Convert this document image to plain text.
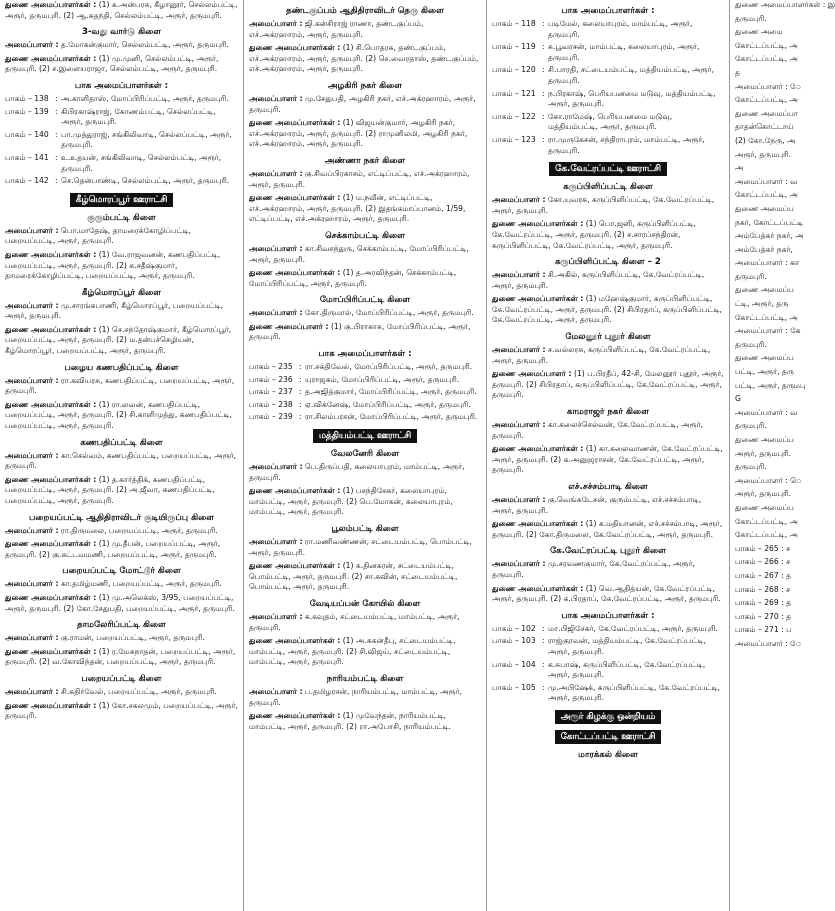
துணை அமைப்பாளர்கள் : (1) க.அன்பரசு, கீழானூர், செல்லம்பட்டி, அரூர், தருமபுரி. (2) ஆ.சுதந்தி, செல்லம்பட்டி, அரூர், தருமபுரி.
3-வது வார்டு கிளை
அமைப்பாளர் : த.மோகன்குமார், செல்லம்பட்டி, அரூர், தருமபுரி.
துணை அமைப்பாளர்கள் : (1) மு.முனி, செல்லம்பட்டி, அரூர், தருமபுரி. (2) ச.இளையராஜா, செல்லம்பட்டி, அரூர், தருமபுரி.
பாக அமைப்பாளர்கள் :
பாகம் – 138 : அ.காளிதாஸ், மோப்பிரிப்பட்டி, அரூர், தருமபுரி.
பாகம் – 139 : கிபிரகாஷ்ராஜ், கோணம்பட்டி, செல்லப்பட்டி, அரூர், தருமபுரி.
பாகம் – 140 : பா.முத்துராஜ், சங்கிலிவாடி, செல்லப்பட்டி, அரூர், தருமபுரி.
பாகம் – 141 : உ.உதயன், சங்கிலிவாடி, செல்லம்பட்டி, அரூர், தருமபுரி.
பாகம் – 142 : செ.தென்பாண்டி, செல்லம்பட்டி, அரூர், தருமபுரி.
கீழ்மொரப்பூர் ஊராட்சி
குரும்பட்டி கிளை
அமைப்பாளர் : பொ.மாதேஷ், தாமரைக்கோழிப்பட்டி, பறையப்பட்டி, அரூர், தருமபுரி.
துணை அமைப்பாளர்கள் : (1) வே.ராஜவனன், கணபதிப்பட்டி, பறையப்பட்டி, அரூர், தருமபுரி. (2) க.சதீஷ்குமார், தாமரைக்கோழிப்பட்டி, பறையப்பட்டி, அரூர், தருமபுரி.
கீழ்மொரப்பூர் கிளை
அமைப்பாளர் : மு.சாரங்கபாணி, கீழ்மொரப்பூர், பறையப்பட்டி, அரூர், தருமபுரி.
துணை அமைப்பாளர்கள் : (1) செ.சந்தோஷ்குமார், கீழ்மொரப்பூர், பறையப்பட்டி, அரூர், தருமபுரி. (2) ம.தன்பச்செழியன், கீழ்மொரப்பூர், பறையப்பட்டி, அரூர், தருமபுரி.
பழைய கணபதிப்பட்டி கிளை
அமைப்பாளர் : ரா.கவியரசு, கணபதிப்பட்டி, பறையப்பட்டி, அரூர், தருமபுரி.
துணை அமைப்பாளர்கள் : (1) ரா.லவன், கணபதிப்பட்டி, பறையப்பட்டி, அரூர், தருமபுரி. (2) சி.காளிமுத்து, கணபதிப்பட்டி, பறையப்பட்டி, அரூர், தருமபுரி.
கணபதிப்பட்டி கிளை
அமைப்பாளர் : கா.செல்வம், கணபதிப்பட்டி, பறையப்பட்டி, அரூர், தருமபுரி.
துணை அமைப்பாளர்கள் : (1) த.கார்த்திக், கணபதிப்பட்டி, பறையப்பட்டி, அரூர், தருமபுரி. (2) அ.ஜீவா, கணபதிப்பட்டி, பறையப்பட்டி, அரூர், தருமபுரி.
பறையப்பட்டி ஆதிதிராவிடர் குடியிருப்பு கிளை
அமைப்பாளர் : ரா.திருமலை, பறையப்பட்டி, அரூர், தருமபுரி.
துணை அமைப்பாளர்கள் : (1) மு.தீபன், பறையப்பட்டி, அரூர், தருமபுரி. (2) கு.கட்டவமணி, பறையப்பட்டி, அரூர், தருமபுரி.
பறையப்பட்டி மோட்டூர் கிளை
அமைப்பாளர் : கா.தமிழ்மணி, பறையப்பட்டி, அரூர், தருமபுரி.
துணை அமைப்பாளர்கள் : (1) மு.அலெக்ஸ், 3/95, பறையப்பட்டி, அரூர், தருமபுரி. (2) கோ.சேதுபதி, பறையப்பட்டி, அரூர், தருமபுரி.
தாமலேரிப்பட்டி கிளை
அமைப்பாளர் : கு.ராமன், பறையப்பட்டி, அரூர், தருமபுரி.
துணை அமைப்பாளர்கள் : (1) ர.மேகநாதன், பறையப்பட்டி, அரூர், தருமபுரி. (2) வ.கோவிந்தன், பறையப்பட்டி, அரூர், தருமபுரி.
பறையப்பட்டி கிளை
அமைப்பாளர் : சி.கதிர்வேல், பறையப்பட்டி, அரூர், தருமபுரி.
துணை அமைப்பாளர்கள் : (1) கோ.சகலமும், பறையப்பட்டி, அரூர், தருமபுரி.
தண்டகுப்பம் ஆதிதிராவிடர் தெரு கிளை
அமைப்பாளர் : ஜி.கன்சிராஜ் ராணா, தண்டகுப்பம், எச்.அக்ரஹாரம், அரூர், தருமபுரி.
துணை அமைப்பாளர்கள் : (1) சி.பொதரசு, தண்டகுப்பம், எச்.அக்ரஹாரம், அரூர், தருமபுரி. (2) செ.வைரதாஸ், தண்டகுப்பம், எச்.அக்ரஹாரம், அரூர், தருமபுரி.
அழகிரி நகர் கிளை
அமைப்பாளர் : மு.சேதுபதி, அழகிரி நகர், எச்.அக்ரஹாரம், அரூர், தருமபுரி.
துணை அமைப்பாளர்கள் : (1) விஜயன்குமார், அழகிரி நகர், எச்.அக்ரஹாரம், அரூர், தருமபுரி. (2) ராமுனிலமி, அழகிரி நகர், எச்.அக்ரஹாரம், அரூர், தருமபுரி.
அண்ணா நகர் கிளை
அமைப்பாளர் : கு.சிவப்பிரகாசம், எட்டிப்பட்டி, எச்.அக்ரஹாரம், அரூர், தருமபுரி.
துணை அமைப்பாளர்கள் : (1) ம.நவீன், எட்டிப்பட்டி, எச்.அக்ரஹாரம், அரூர், தருமபுரி. (2) இதங்கமாப்பானம், 1/59, எட்டிப்பட்டி, எச்.அக்ரஹாரம், அரூர், தருமபுரி.
செக்காம்பட்டி கிளை
அமைப்பாளர் : கா.சிவசந்துரு, செக்காம்பட்டி, மோப்பிரிப்பட்டி, அரூர், தருமபுரி.
துணை அமைப்பாளர்கள் : (1) த.அரவிந்தன், செக்காம்பட்டி, மோப்பிரிப்பட்டி, அரூர், தருமபுரி.
மோப்பிரிப்பட்டி கிளை
அமைப்பாளர் : கோ.திருமால், மோப்பிரிப்பட்டி, அரூர், தருமபுரி.
துணை அமைப்பாளர் : (1) கு.பிராகாசு, மோப்பிரிப்பட்டி, அரூர், தருமபுரி.
பாக அமைப்பாளர்கள் :
பாகம் – 235 : ரா.சக்திவேல், மோப்பிரிப்பட்டி, அரூர், தருமபுரி.
பாகம் – 236 : யுராஜகம், மோப்பிரிப்பட்டி, அரூர், தருமபுரி.
பாகம் – 237 : த.அஜித்குமார், மோப்பிரிப்பட்டி, அரூர், தருமபுரி.
பாகம் – 238 : ஏ.விக்னேஷ், மோப்பிரிப்பட்டி, அரூர், தருமபுரி.
பாகம் – 239 : ரா.சிலம்பரசன், மோப்பிரிப்பட்டி, அரூர், தருமபுரி.
மத்தியம்பட்டி ஊராட்சி
வேலனேரி கிளை
அமைப்பாளர் : பெ.திருப்பதி, கலையாபுரம், மாம்பட்டி, அரூர், தருமபுரி.
துணை அமைப்பாளர்கள் : (1) பசந்திசேகர், கலையாபுரம், மாம்பட்டி, அரூர், தருமபுரி. (2) பெ.மோகன், கலையாபுரம், மாம்பட்டி, அரூர், தருமபுரி.
பூலம்பட்டி கிளை
அமைப்பாளர் : ரா.மணிவண்ணன், சட்டையம்பட்டி, பொம்பட்டி, அரூர், தருமபுரி.
துணை அமைப்பாளர்கள் : (1) க.தினகரன், சட்டையம்பட்டி, பொம்பட்டி, அரூர், தருமபுரி. (2) சா.சுவின், சட்டையம்பட்டி, பொம்பட்டி, அரூர், தருமபுரி.
வேடியப்பன் கோயில் கிளை
அமைப்பாளர் : க.கவுதம், சட்டையம்பட்டி, மாம்பட்டி, அரூர், தருமபுரி.
துணை அமைப்பாளர்கள் : (1) அ.ககன்தீபு, சட்டையம்பட்டி, மாம்பட்டி, அரூர், தருமபுரி. (2) சி.விஜய், சட்டையம்பட்டி, மாம்பட்டி, அரூர், தருமபுரி.
நாரியம்பட்டி கிளை
அமைப்பாளர் : ப.தமிழரசன், நாரியம்பட்டி, மாம்பட்டி, அரூர், தருமபுரி.
துணை அமைப்பாளர்கள் : (1) முவேந்தன், நாரியம்பட்டி, மாம்பட்டி, அரூர், தருமபுரி. (2) ரா.அபோசி, நாரியம்பட்டி.
பாக அமைப்பாளர்கள் :
பாகம் – 118 : படிமேல், கலையாபுரம், மாம்பட்டி, அரூர், தருமபுரி.
பாகம் – 119 : சு.பூவரசன், மாம்பட்டி, கலையாபுரம், அரூர், தருமபுரி.
பாகம் – 120 : சி.பாரதி, சட்டையம்பட்டி, மத்தியம்பட்டி, அரூர், தருமபுரி.
பாகம் – 121 : ந.பிரகாஷ், பெரியபனமை மடுவு, மத்தியம்பட்டி, அரூர், தருமபுரி.
பாகம் – 122 : கோ.ராமேஷ், பெரியபனமை மடுவு, மத்தியம்பட்டி, அரூர், தருமபுரி.
பாகம் – 123 : ரா.முருகேசன், சந்திராபுரம், மாம்பட்டி, அரூர், தருமபுரி.
கே.வேட்ரப்பட்டி ஊராட்சி
கருப்பிளிப்பட்டி கிளை
அமைப்பாளர் : கோ.யுவரசு, கருப்பிளிப்பட்டி, கே.வேட்ரப்பட்டி, அரூர், தருமபுரி.
துணை அமைப்பாளர்கள் : (1) பொ.ஜனி, கருப்பிளிப்பட்டி, கே.வேட்ரப்பட்டி, அரூர், தருமபுரி. (2) ச.சாரப்சந்திரன், கருப்பிளிப்பட்டி, கே.வேட்ரப்பட்டி, அரூர், தருமபுரி.
கருப்பிளிப்பட்டி கிளை – 2
அமைப்பாளர் : சி.அகில், கருப்பிளிப்பட்டி, கே.வேட்ரப்பட்டி, அரூர், தருமபுரி.
துணை அமைப்பாளர்கள் : (1) மஹேஷ்குமார், கருப்பிளிப்பட்டி, கே.வேட்ரப்பட்டி, அரூர், தருமபுரி. (2) சிபிரதாப், கருப்பிளிப்பட்டி, கே.வேட்ரப்பட்டி, அரூர், தருமபுரி.
மேலனூர் புதூர் கிளை
அமைப்பாளர் : ச.வல்லரசு, கருப்பிளிப்பட்டி, கே.வேட்ரப்பட்டி, அரூர், தருமபுரி.
துணை அமைப்பாளர் : (1) ப.பிரதீப், 42-சி, மேலனூர் புதூர், அரூர், தருமபுரி. (2) சிபிரதாப், கருப்பிளிப்பட்டி, கே.வேட்ரப்பட்டி, அரூர், தருமபுரி.
காமராஜர் நகர் கிளை
அமைப்பாளர் : கா.கலைச்செல்வன், கே.வேட்ரப்பட்டி, அரூர், தருமபுரி.
துணை அமைப்பாளர்கள் : (1) கா.கலைவாணன், கே.வேட்ரப்பட்டி, அரூர், தருமபுரி. (2) க.அனுஜராசன், கே.வேட்ரப்பட்டி, அரூர், தருமபுரி.
எச்.சச்சம்பாடி கிளை
அமைப்பாளர் : கு.வெங்கடேசன், குரும்பட்டி, எச்.சச்சம்பாடி, அரூர், தருமபுரி.
துணை அமைப்பாளர்கள் : (1) க.மதியானன், எச்.சச்சம்பாடி, அரூர், தருமபுரி. (2) கோ.திருமலை, கே.வேட்ரப்பட்டி, அரூர், தருமபுரி.
கே.வேட்ரப்பட்டி புதூர் கிளை
அமைப்பாளர் : மு.சரவணகுமார், கே.வேட்ரப்பட்டி, அரூர், தருமபுரி.
துணை அமைப்பாளர்கள் : (1) வெ.ஆதித்யன், கே.வேட்ரப்பட்டி, அரூர், தருமபுரி. (2) க.பிரதாப், கே.வேட்ரப்பட்டி, அரூர், தருமபுரி.
பாக அமைப்பாளர்கள் :
பாகம் – 102 : மா.பிஜிசேகர், கே.வேட்ரப்பட்டி, அரூர், தருமபுரி.
பாகம் – 103 : ராஜ்குரவன், மத்தியம்பட்டி, கே.வேட்ரப்பட்டி, அரூர், தருமபுரி.
பாகம் – 104 : க.சுபாஷ், கருப்பிளிப்பட்டி, கே.வேட்ரப்பட்டி, அரூர், தருமபுரி.
பாகம் – 105 : மு.அபிஷேக், கருப்பிளிப்பட்டி, கே.வேட்ரப்பட்டி, அரூர், தருமபுரி.
அரூர் கிழக்கு ஒன்றியம்
கோட்டப்பட்டி ஊராட்சி
மாரக்கல் கிளை
துணை அமைப்பாளர்கள் : இ
தருமபுரி.
துணை அமை
கோட்டப்பட்டி, அ
கோட்டப்பட்டி, அ
த
அமைப்பாளர் : ே
கோட்டப்பட்டி, அ
துணை அமைப்பா
தாதன்கொட்டாய்
(2) கோ.நேரு, அ
அரூர், தருமபுரி.
அ
அமைப்பாளர் : வ
கோட்டப்பட்டி, அ
துணை அமைப்ப
நகர், கோட்டப்பட்டி
அம்பேத்கர் நகர், அ
அம்பேத்கர் நகர்,
அமைப்பாளர் : கா
தருமபுரி.
துணை அமைப்ப
ட்டி, அரூர், தரு
கோட்டப்பட்டி, அ
அமைப்பாளர் : கே
தருமபுரி.
துணை அமைப்ப
பட்டி, அரூர், தரு
பட்டி, அரூர், தருமபு
G
அமைப்பாளர் : வ
தருமபுரி.
துணை அமைப்ப
அரூர், தருமபுரி.
தருமபுரி.
அமைப்பாளர் : ெ
அரூர், தருமபுரி.
துணை அமைப்ப
கோட்டப்பட்டி, அ
கோட்டப்பட்டி, அ
பாகம் – 265 : ச
பாகம் – 266 : ச
பாகம் – 267 : த
பாகம் – 268 : ச
பாகம் – 269 : த
பாகம் – 270 : த
பாகம் – 271 : ப
அமைப்பாளர் : ே
